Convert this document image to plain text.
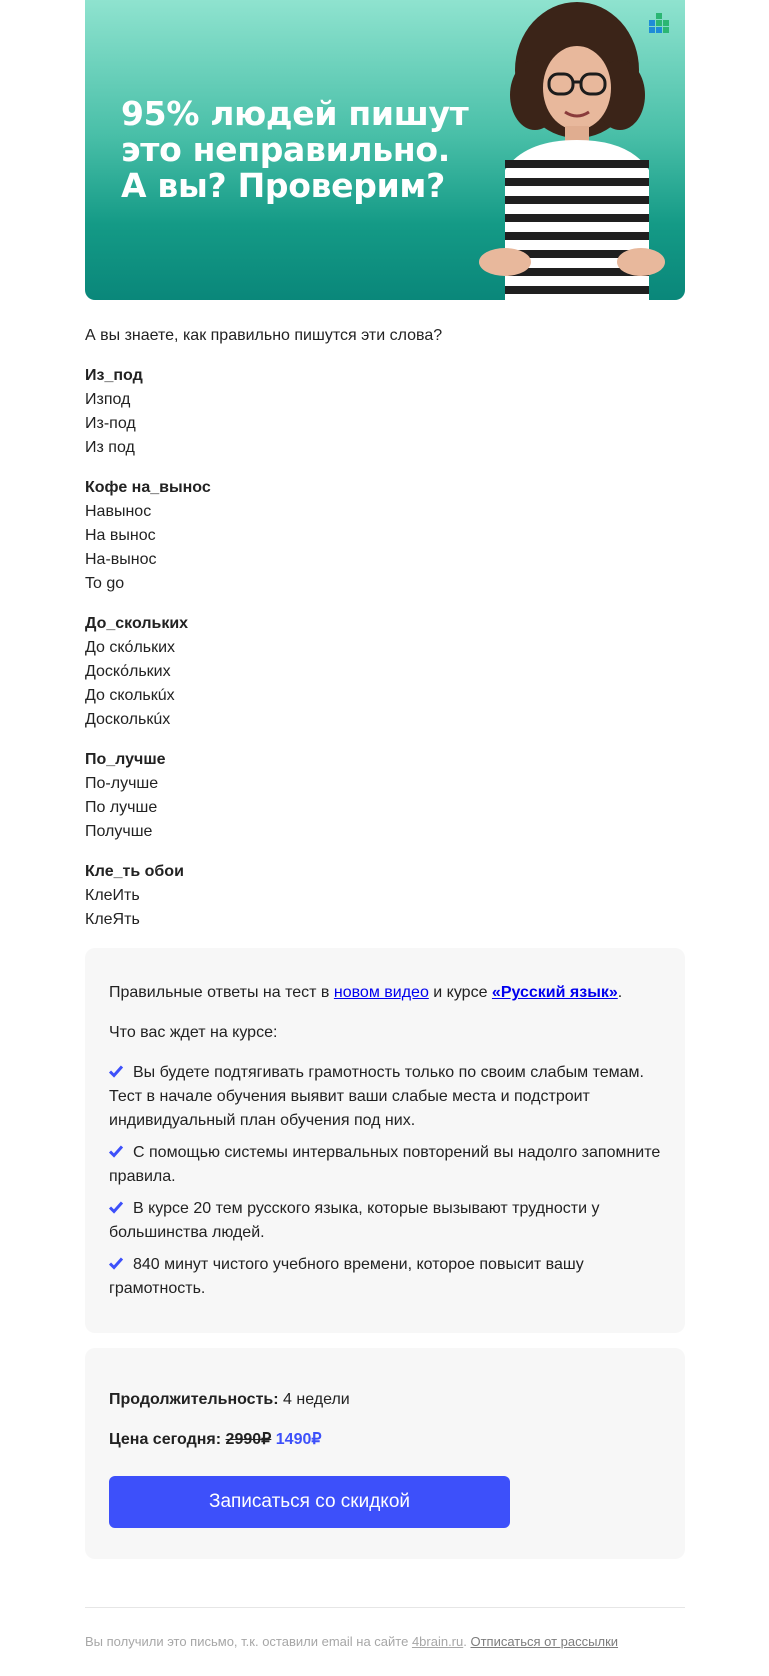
95% людей пишут
это неправильно.
А вы? Проверим?

А вы знаете, как правильно пишутся эти слова?

Из_под
Изпод
Из-под
Из под
Кофе на_вынос
Навынос
На вынос
На-вынос
To go
До_скольких
До ско́льких
Доско́льких
До сколькúх
Досколькúх
По_лучше
По-лучше
По лучше
Получше
Кле_ть обои
КлеИть
КлеЯть

Правильные ответы на тест в новом видео и курсе «Русский язык».

Что вас ждет на курсе:

Вы будете подтягивать грамотность только по своим слабым темам. Тест в начале обучения выявит ваши слабые места и подстроит индивидуальный план обучения под них.
С помощью системы интервальных повторений вы надолго запомните правила.
В курсе 20 тем русского языка, которые вызывают трудности у большинства людей.
840 минут чистого учебного времени, которое повысит вашу грамотность.

Продолжительность: 4 недели

Цена сегодня: 2990₽ 1490₽

Записаться со скидкой

Вы получили это письмо, т.к. оставили email на сайте 4brain.ru. Отписаться от рассылки
